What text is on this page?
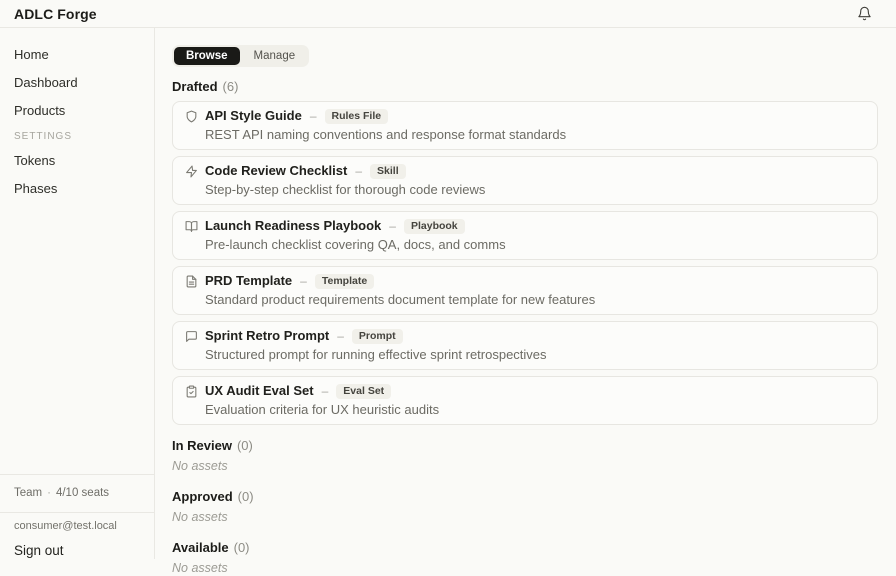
ADLC Forge
Home
Dashboard
Products
SETTINGS
Tokens
Phases
Team · 4/10 seats
consumer@test.local
Sign out
Browse	Manage
Drafted (6)
API Style Guide –	Rules File
REST API naming conventions and response format standards
Code Review Checklist –	Skill
Step-by-step checklist for thorough code reviews
Launch Readiness Playbook –	Playbook
Pre-launch checklist covering QA, docs, and comms
PRD Template –	Template
Standard product requirements document template for new features
Sprint Retro Prompt –	Prompt
Structured prompt for running effective sprint retrospectives
UX Audit Eval Set –	Eval Set
Evaluation criteria for UX heuristic audits
In Review (0)
No assets
Approved (0)
No assets
Available (0)
No assets
